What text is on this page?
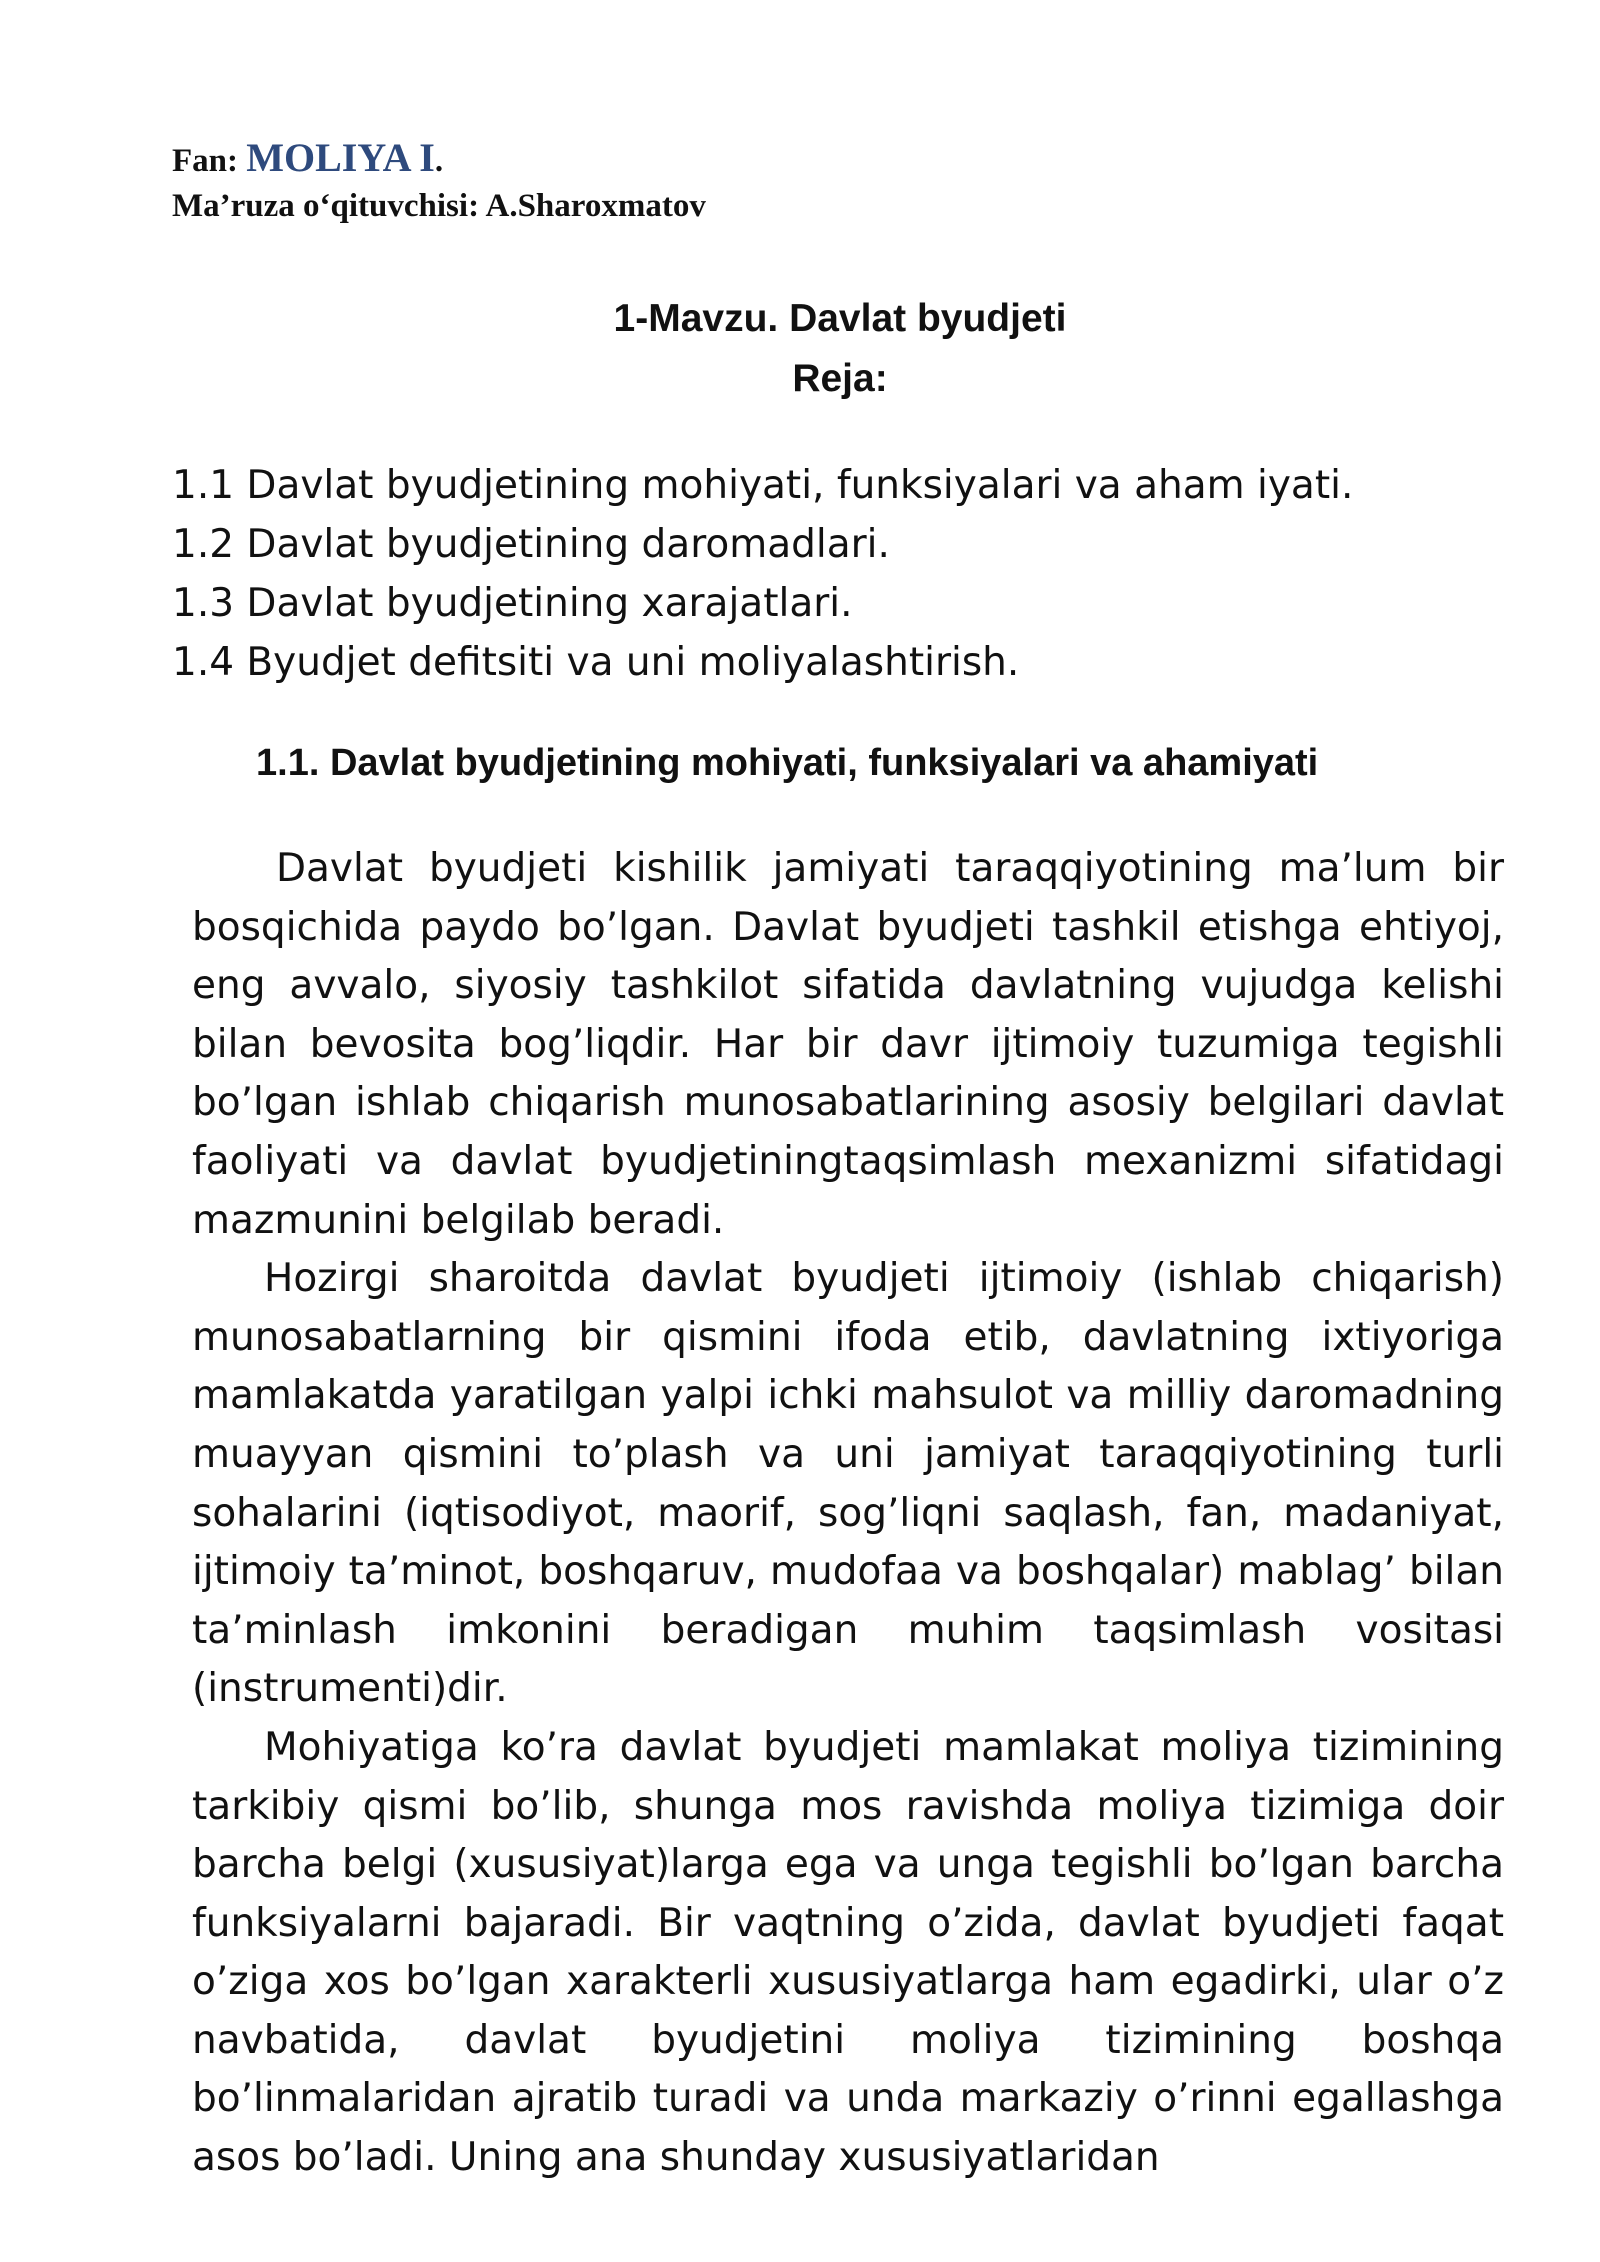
Fan: MOLIYA I.
Ma’ruza o‘qituvchisi: A.Sharoxmatov
1-Mavzu. Davlat byudjeti
Reja:
1.1 Davlat byudjetining mohiyati, funksiyalari va aham iyati.
1.2 Davlat byudjetining daromadlari.
1.3 Davlat byudjetining xarajatlari.
1.4 Byudjet defitsiti va uni moliyalashtirish.
1.1. Davlat byudjetining mohiyati, funksiyalari va ahamiyati

Davlat byudjeti kishilik jamiyati taraqqiyotining ma’lum bir bosqichida paydo bo’lgan. Davlat byudjeti tashkil etishga ehtiyoj, eng avvalo, siyosiy tashkilot sifatida davlatning vujudga kelishi bilan bevosita bog’liqdir. Har bir davr ijtimoiy tuzumiga tegishli bo’lgan ishlab chiqarish munosabatlarining asosiy belgilari davlat faoliyati va davlat byudjetiningtaqsimlash mexanizmi sifatidagi mazmunini belgilab beradi.

Hozirgi sharoitda davlat byudjeti ijtimoiy (ishlab chiqarish) munosabatlarning bir qismini ifoda etib, davlatning ixtiyoriga mamlakatda yaratilgan yalpi ichki mahsulot va milliy daromadning muayyan qismini to’plash va uni jamiyat taraqqiyotining turli sohalarini (iqtisodiyot, maorif, sog’liqni saqlash, fan, madaniyat, ijtimoiy ta’minot, boshqaruv, mudofaa va boshqalar) mablag’ bilan ta’minlash imkonini beradigan muhim taqsimlash vositasi (instrumenti)dir.

Mohiyatiga ko’ra davlat byudjeti mamlakat moliya tizimining tarkibiy qismi bo’lib, shunga mos ravishda moliya tizimiga doir barcha belgi (xususiyat)larga ega va unga tegishli bo’lgan barcha funksiyalarni bajaradi. Bir vaqtning o’zida, davlat byudjeti faqat o’ziga xos bo’lgan xarakterli xususiyatlarga ham egadirki, ular o’z navbatida, davlat byudjetini moliya tizimining boshqa bo’linmalaridan ajratib turadi va unda markaziy o’rinni egallashga asos bo’ladi. Uning ana shunday xususiyatlaridan
